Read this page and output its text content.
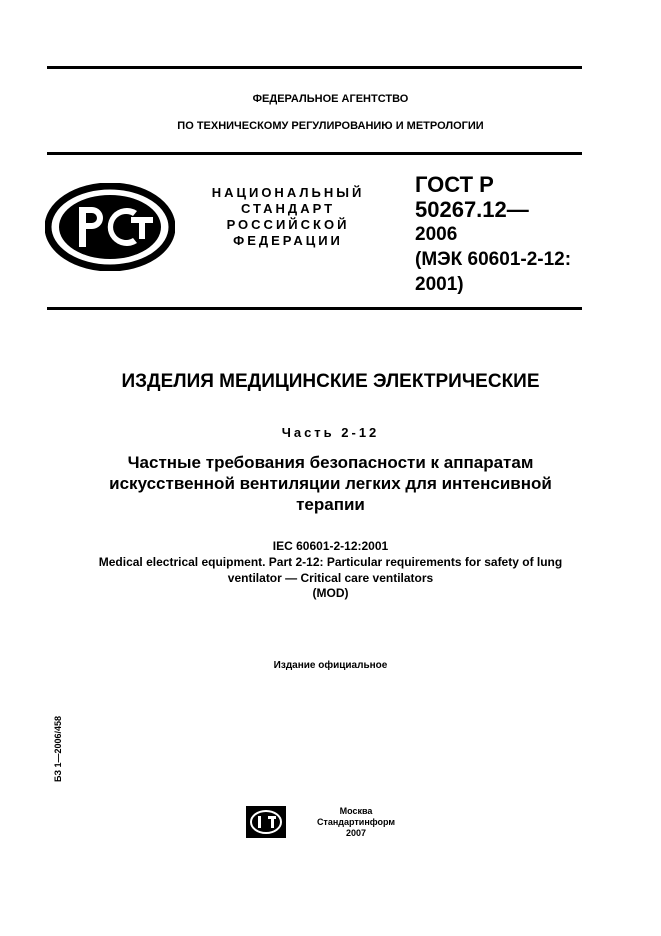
ФЕДЕРАЛЬНОЕ АГЕНТСТВО
ПО ТЕХНИЧЕСКОМУ РЕГУЛИРОВАНИЮ И МЕТРОЛОГИИ
НАЦИОНАЛЬНЫЙ
СТАНДАРТ
РОССИЙСКОЙ
ФЕДЕРАЦИИ
ГОСТ Р
50267.12—
2006
(МЭК 60601-2-12:
2001)
ИЗДЕЛИЯ МЕДИЦИНСКИЕ ЭЛЕКТРИЧЕСКИЕ
Часть 2-12
Частные требования безопасности к аппаратам
искусственной вентиляции легких для интенсивной
терапии
IEC 60601-2-12:2001
Medical electrical equipment. Part 2-12: Particular requirements for safety of lung
ventilator — Critical care ventilators
(MOD)
Издание официальное
БЗ 1—2006/458
Москва
Стандартинформ
2007
